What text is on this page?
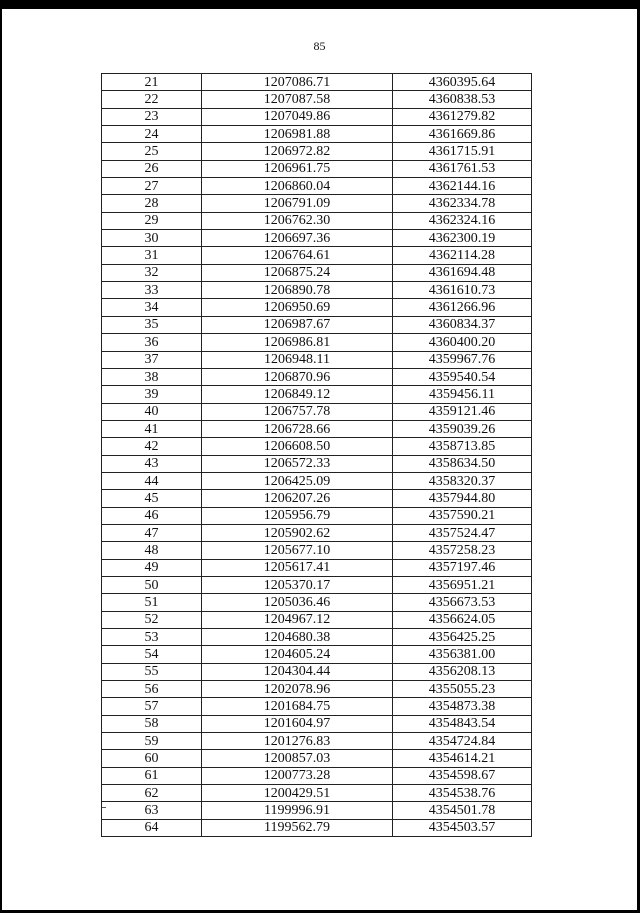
85
21	1207086.71	4360395.64
22	1207087.58	4360838.53
23	1207049.86	4361279.82
24	1206981.88	4361669.86
25	1206972.82	4361715.91
26	1206961.75	4361761.53
27	1206860.04	4362144.16
28	1206791.09	4362334.78
29	1206762.30	4362324.16
30	1206697.36	4362300.19
31	1206764.61	4362114.28
32	1206875.24	4361694.48
33	1206890.78	4361610.73
34	1206950.69	4361266.96
35	1206987.67	4360834.37
36	1206986.81	4360400.20
37	1206948.11	4359967.76
38	1206870.96	4359540.54
39	1206849.12	4359456.11
40	1206757.78	4359121.46
41	1206728.66	4359039.26
42	1206608.50	4358713.85
43	1206572.33	4358634.50
44	1206425.09	4358320.37
45	1206207.26	4357944.80
46	1205956.79	4357590.21
47	1205902.62	4357524.47
48	1205677.10	4357258.23
49	1205617.41	4357197.46
50	1205370.17	4356951.21
51	1205036.46	4356673.53
52	1204967.12	4356624.05
53	1204680.38	4356425.25
54	1204605.24	4356381.00
55	1204304.44	4356208.13
56	1202078.96	4355055.23
57	1201684.75	4354873.38
58	1201604.97	4354843.54
59	1201276.83	4354724.84
60	1200857.03	4354614.21
61	1200773.28	4354598.67
62	1200429.51	4354538.76
63	1199996.91	4354501.78
64	1199562.79	4354503.57
